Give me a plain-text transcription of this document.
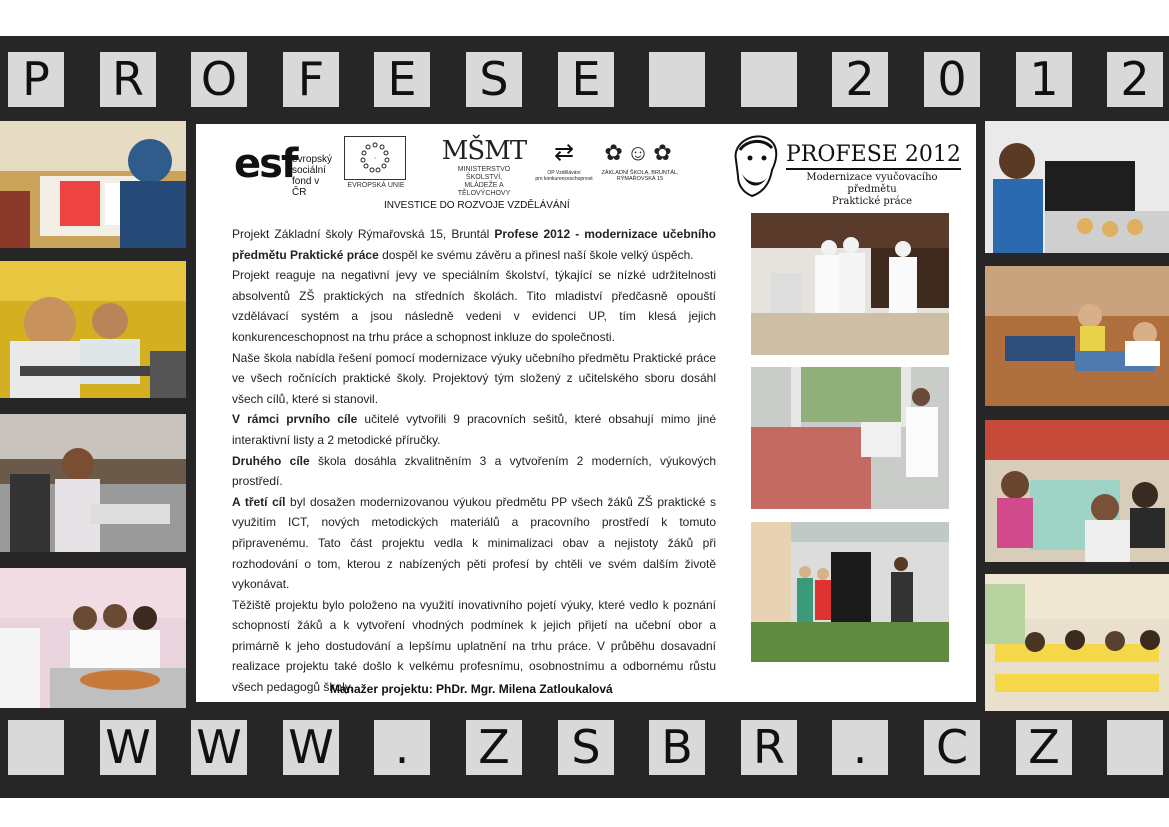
P	R O	F	E S E	2 0 1 2
W W W	.	Z S B R	.	C Z
esf
evropský
sociální
fond v ČR
EVROPSKÁ UNIE
MŠMT
MINISTERSTVO ŠKOLSTVÍ,
MLÁDEŽE A TĚLOVÝCHOVY
⇄
OP Vzdělávání
pro konkurenceschopnost
✿☺✿
ZÁKLADNÍ ŠKOLA, BRUNTÁL,
RÝMAŘOVSKÁ 15
INVESTICE DO ROZVOJE VZDĚLÁVÁNÍ
PROFESE 2012
Modernizace vyučovacího předmětu
Praktické práce

Projekt Základní školy Rýmařovská 15, Bruntál Profese 2012 - modernizace učebního předmětu Praktické práce dospěl ke svému závěru a přinesl naší škole velký úspěch.

Projekt reaguje na negativní jevy ve speciálním školství, týkající se nízké udržitelnosti absolventů ZŠ praktických na středních školách. Tito mladiství předčasně opouští vzdělávací systém a jsou následně vedeni v evidenci UP, tím klesá jejich konkurenceschopnost na trhu práce a schopnost inkluze do společnosti.

Naše škola nabídla řešení pomocí modernizace výuky učebního předmětu Praktické práce ve všech ročnících praktické školy. Projektový tým složený z učitelského sboru dosáhl všech cílů, které si stanovil.

V rámci prvního cíle učitelé vytvořili 9 pracovních sešitů, které obsahují mimo jiné interaktivní listy a 2 metodické příručky.

Druhého cíle škola dosáhla zkvalitněním 3 a vytvořením 2 moderních, výukových prostředí.

A třetí cíl byl dosažen modernizovanou výukou předmětu PP všech žáků ZŠ praktické s využitím ICT, nových metodických materiálů a pracovního prostředí k tomuto připravenému. Tato část projektu vedla k minimalizaci obav a nejistoty žáků při rozhodování o tom, kterou z nabízených pěti profesí by chtěli ve svém dalším životě vykonávat.

Těžiště projektu bylo položeno na využití inovativního pojetí výuky, které vedlo k poznání schopností žáků a k vytvoření vhodných podmínek k jejich přijetí na učební obor a primárně k jeho dostudování a lepšímu uplatnění na trhu práce. V průběhu dosavadní realizace projektu také došlo k velkému profesnímu, osobnostnímu a odbornému růstu všech pedagogů školy.

Manažer projektu: PhDr. Mgr. Milena Zatloukalová
